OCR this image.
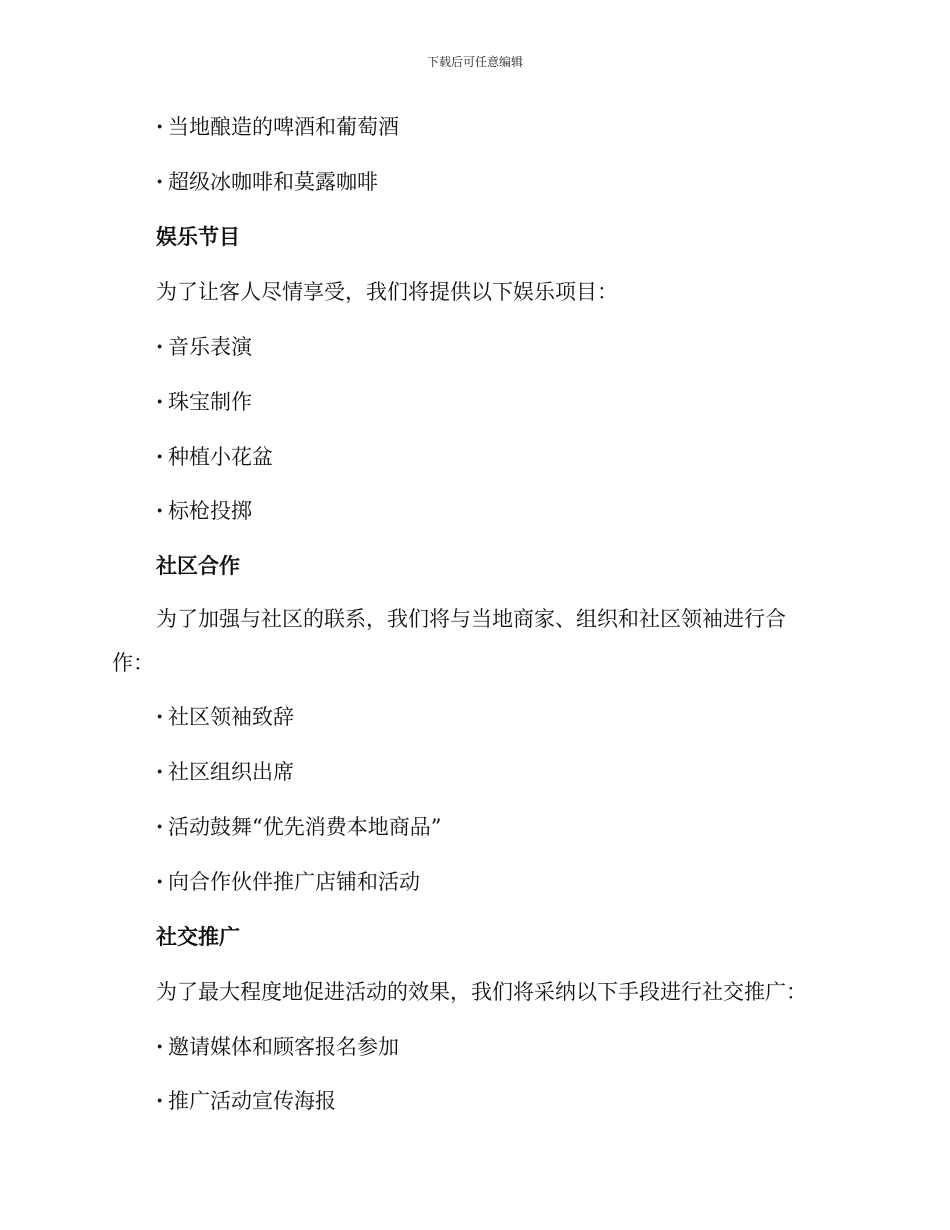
下载后可任意编辑
· 当地酿造的啤酒和葡萄酒
· 超级冰咖啡和莫露咖啡
娱乐节目
为了让客人尽情享受，我们将提供以下娱乐项目：
· 音乐表演
· 珠宝制作
· 种植小花盆
· 标枪投掷
社区合作
为了加强与社区的联系，我们将与当地商家、组织和社区领袖进行合作：
· 社区领袖致辞
· 社区组织出席
· 活动鼓舞“优先消费本地商品”
· 向合作伙伴推广店铺和活动
社交推广
为了最大程度地促进活动的效果，我们将采纳以下手段进行社交推广：
· 邀请媒体和顾客报名参加
· 推广活动宣传海报
